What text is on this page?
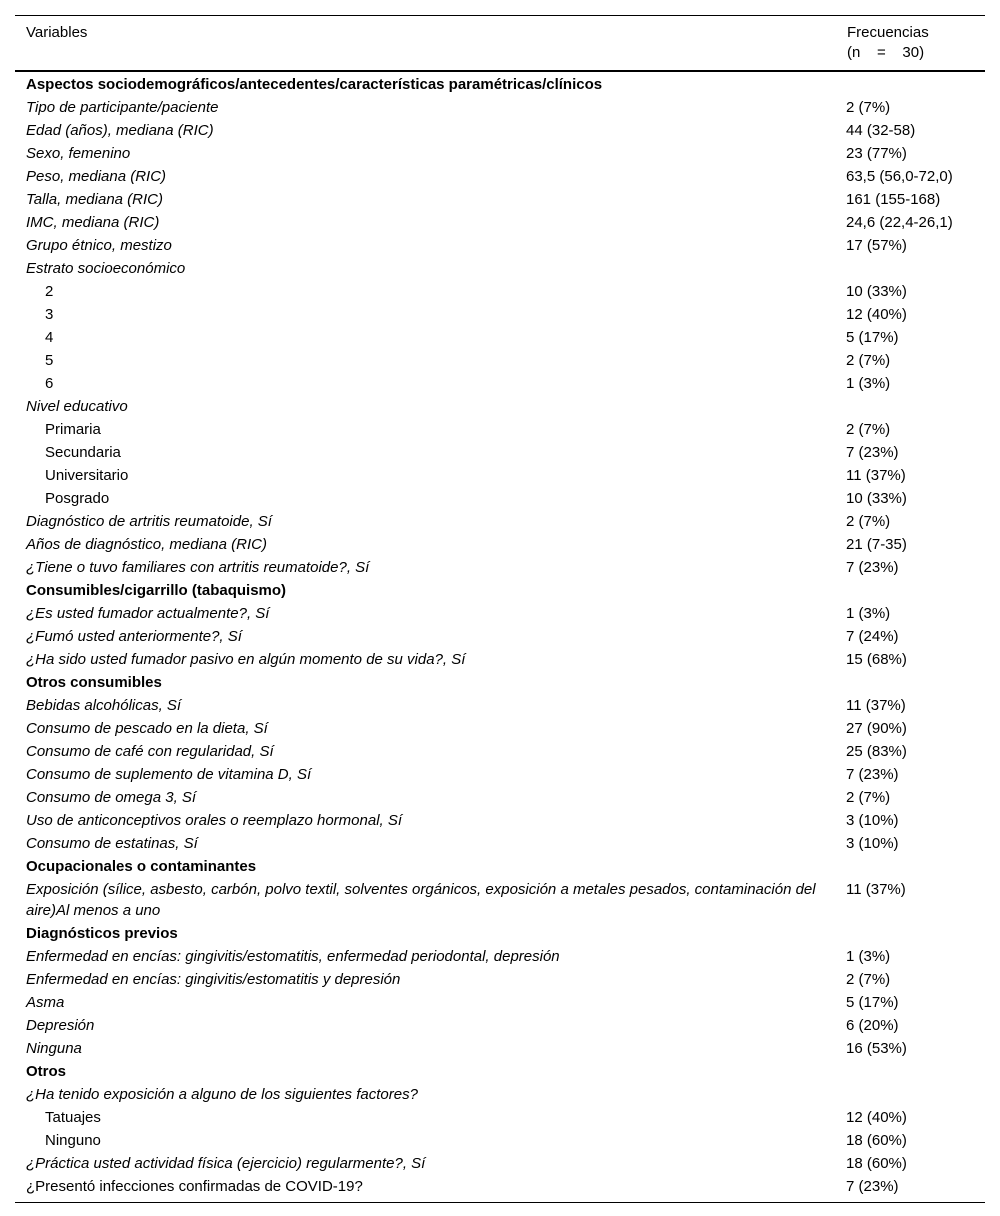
Variables	Frecuencias
(n    =    30)

Aspectos sociodemográficos/antecedentes/características paramétricas/clínicos	
Tipo de participante/paciente	2 (7%)
Edad (años), mediana (RIC)	44 (32-58)
Sexo, femenino	23 (77%)
Peso, mediana (RIC)	63,5 (56,0-72,0)
Talla, mediana (RIC)	161 (155-168)
IMC, mediana (RIC)	24,6 (22,4-26,1)
Grupo étnico, mestizo	17 (57%)
Estrato socioeconómico	
2	10 (33%)
3	12 (40%)
4	5 (17%)
5	2 (7%)
6	1 (3%)
Nivel educativo	
Primaria	2 (7%)
Secundaria	7 (23%)
Universitario	11 (37%)
Posgrado	10 (33%)
Diagnóstico de artritis reumatoide, Sí	2 (7%)
Años de diagnóstico, mediana (RIC)	21 (7-35)
¿Tiene o tuvo familiares con artritis reumatoide?, Sí	7 (23%)
Consumibles/cigarrillo (tabaquismo)	
¿Es usted fumador actualmente?, Sí	1 (3%)
¿Fumó usted anteriormente?, Sí	7 (24%)
¿Ha sido usted fumador pasivo en algún momento de su vida?, Sí	15 (68%)
Otros consumibles	
Bebidas alcohólicas, Sí	11 (37%)
Consumo de pescado en la dieta, Sí	27 (90%)
Consumo de café con regularidad, Sí	25 (83%)
Consumo de suplemento de vitamina D, Sí	7 (23%)
Consumo de omega 3, Sí	2 (7%)
Uso de anticonceptivos orales o reemplazo hormonal, Sí	3 (10%)
Consumo de estatinas, Sí	3 (10%)
Ocupacionales o contaminantes	
Exposición (sílice, asbesto, carbón, polvo textil, solventes orgánicos, exposición a metales pesados, contaminación del aire)Al menos a uno	11 (37%)
Diagnósticos previos	
Enfermedad en encías: gingivitis/estomatitis, enfermedad periodontal, depresión	1 (3%)
Enfermedad en encías: gingivitis/estomatitis y depresión	2 (7%)
Asma	5 (17%)
Depresión	6 (20%)
Ninguna	16 (53%)
Otros	
¿Ha tenido exposición a alguno de los siguientes factores?	
Tatuajes	12 (40%)
Ninguno	18 (60%)
¿Práctica usted actividad física (ejercicio) regularmente?, Sí	18 (60%)
¿Presentó infecciones confirmadas de COVID-19?	7 (23%)
